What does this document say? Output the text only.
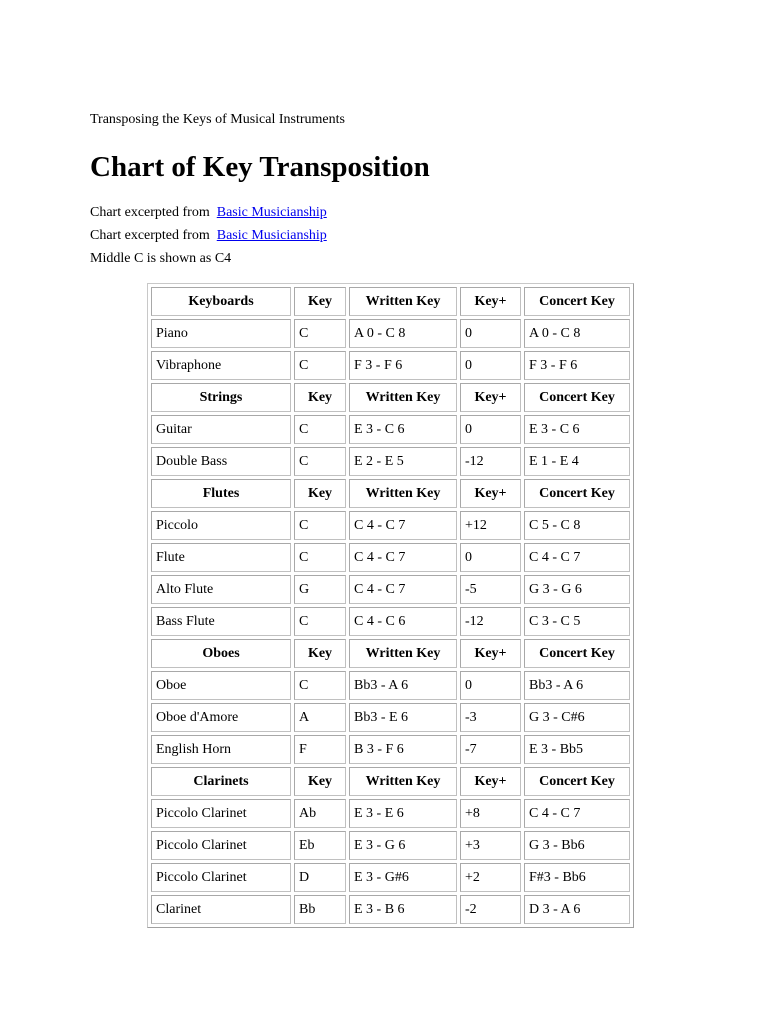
Transposing the Keys of Musical Instruments

Chart of Key Transposition

Chart excerpted from Basic Musicianship

Chart excerpted from Basic Musicianship

Middle C is shown as C4

Keyboards	Key	Written Key	Key+	Concert Key
Piano	C	A 0 - C 8	0	A 0 - C 8
Vibraphone	C	F 3 - F 6	0	F 3 - F 6
Strings	Key	Written Key	Key+	Concert Key
Guitar	C	E 3 - C 6	0	E 3 - C 6
Double Bass	C	E 2 - E 5	-12	E 1 - E 4
Flutes	Key	Written Key	Key+	Concert Key
Piccolo	C	C 4 - C 7	+12	C 5 - C 8
Flute	C	C 4 - C 7	0	C 4 - C 7
Alto Flute	G	C 4 - C 7	-5	G 3 - G 6
Bass Flute	C	C 4 - C 6	-12	C 3 - C 5
Oboes	Key	Written Key	Key+	Concert Key
Oboe	C	Bb3 - A 6	0	Bb3 - A 6
Oboe d'Amore	A	Bb3 - E 6	-3	G 3 - C#6
English Horn	F	B 3 - F 6	-7	E 3 - Bb5
Clarinets	Key	Written Key	Key+	Concert Key
Piccolo Clarinet	Ab	E 3 - E 6	+8	C 4 - C 7
Piccolo Clarinet	Eb	E 3 - G 6	+3	G 3 - Bb6
Piccolo Clarinet	D	E 3 - G#6	+2	F#3 - Bb6
Clarinet	Bb	E 3 - B 6	-2	D 3 - A 6
